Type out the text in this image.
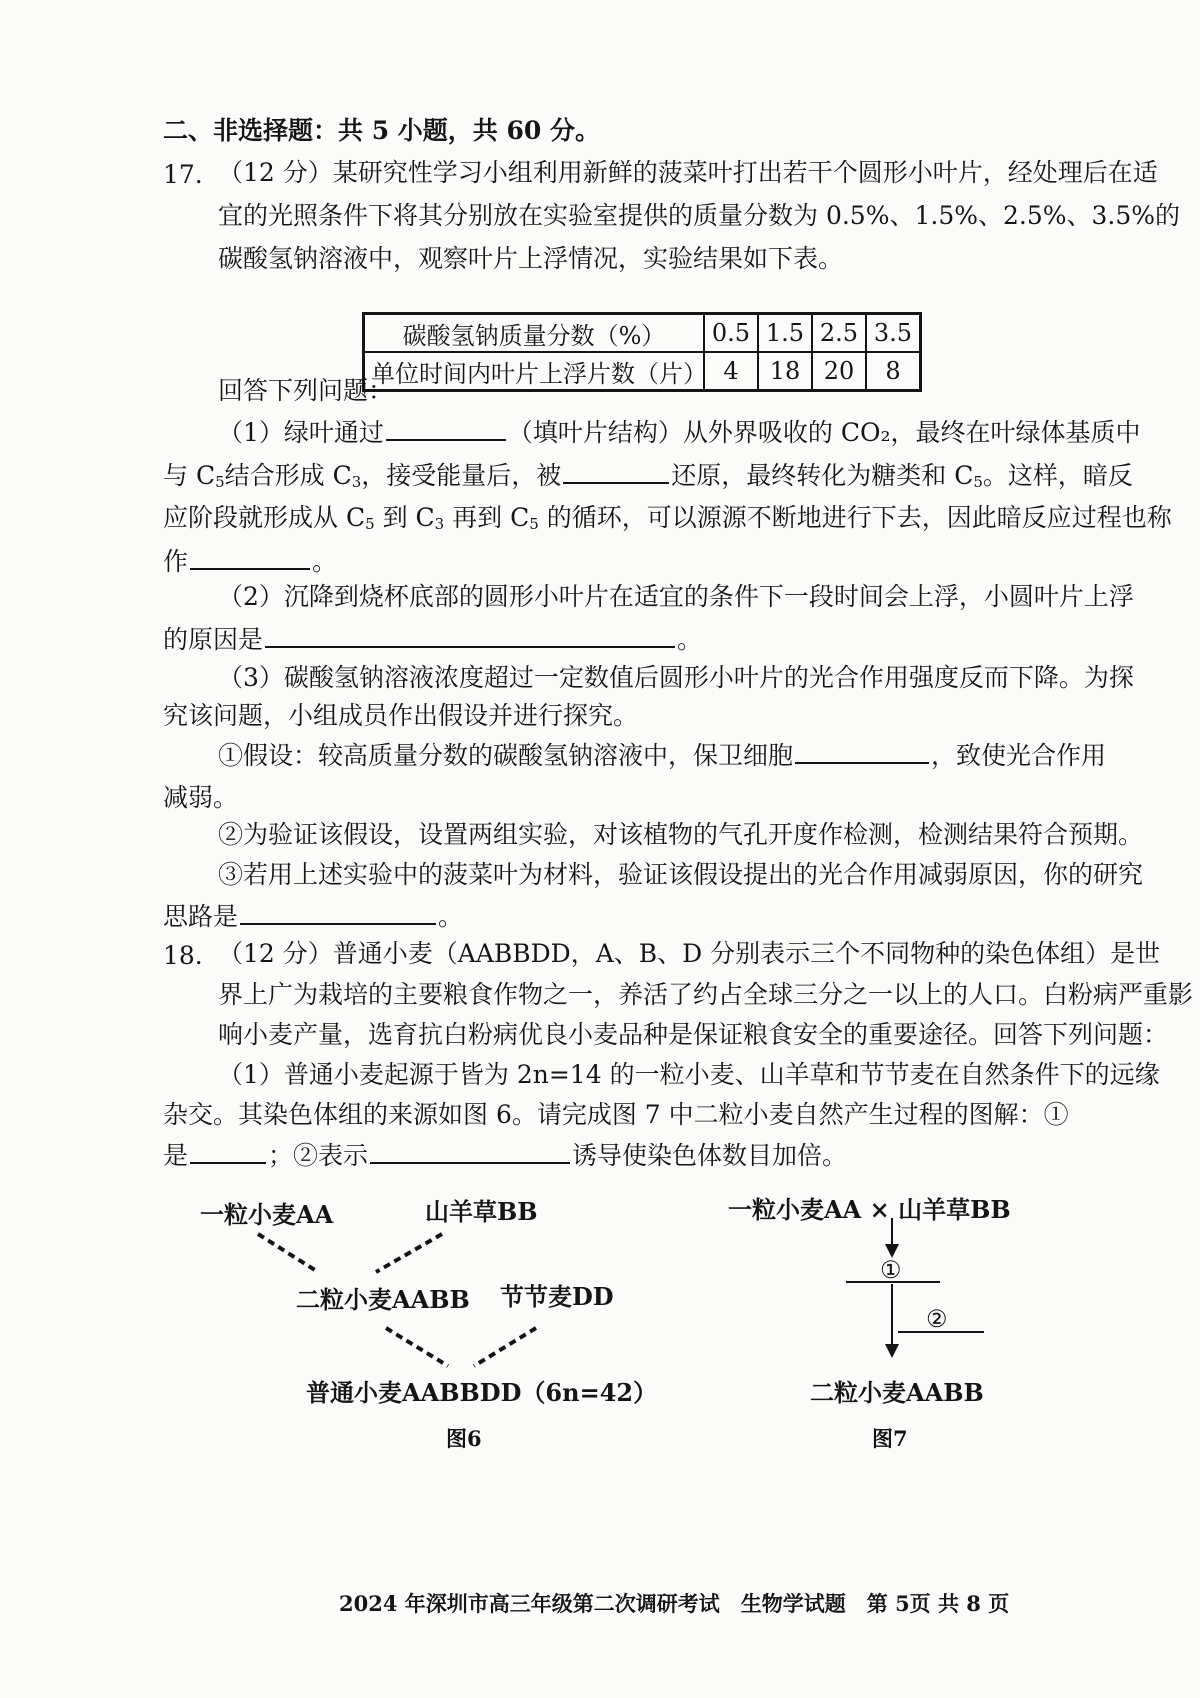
二、非选择题：共 5 小题，共 60 分。
17. （12 分）某研究性学习小组利用新鲜的菠菜叶打出若干个圆形小叶片，经处理后在适
宜的光照条件下将其分别放在实验室提供的质量分数为 0.5%、1.5%、2.5%、3.5%的
碳酸氢钠溶液中，观察叶片上浮情况，实验结果如下表。
碳酸氢钠质量分数（%）	0.5	1.5	2.5	3.5
单位时间内叶片上浮片数（片）	4	18	20	8
回答下列问题：
（1）绿叶通过	（填叶片结构）从外界吸收的 CO₂，最终在叶绿体基质中
与 $C_5$结合形成 $C_3$，接受能量后，被	还原，最终转化为糖类和 $C_5$。这样，暗反
应阶段就形成从 $C_5$ 到 $C_3$ 再到 $C_5$ 的循环，可以源源不断地进行下去，因此暗反应过程也称
作	。
（2）沉降到烧杯底部的圆形小叶片在适宜的条件下一段时间会上浮，小圆叶片上浮
的原因是	。
（3）碳酸氢钠溶液浓度超过一定数值后圆形小叶片的光合作用强度反而下降。为探
究该问题，小组成员作出假设并进行探究。
①假设：较高质量分数的碳酸氢钠溶液中，保卫细胞	，致使光合作用
减弱。
②为验证该假设，设置两组实验，对该植物的气孔开度作检测，检测结果符合预期。
③若用上述实验中的菠菜叶为材料，验证该假设提出的光合作用减弱原因，你的研究
思路是	。
18. （12 分）普通小麦（AABBDD，A、B、D 分别表示三个不同物种的染色体组）是世
界上广为栽培的主要粮食作物之一，养活了约占全球三分之一以上的人口。白粉病严重影
响小麦产量，选育抗白粉病优良小麦品种是保证粮食安全的重要途径。回答下列问题：
（1）普通小麦起源于皆为 2n=14 的一粒小麦、山羊草和节节麦在自然条件下的远缘
杂交。其染色体组的来源如图 6。请完成图 7 中二粒小麦自然产生过程的图解：①
是	；②表示	诱导使染色体数目加倍。
一粒小麦AA	山羊草BB
二粒小麦AABB 节节麦DD
普通小麦AABBDD（6n=42）
图6
一粒小麦AA × 山羊草BB
①
②
二粒小麦AABB
图7
2024 年深圳市高三年级第二次调研考试　生物学试题　第 5页 共 8 页
